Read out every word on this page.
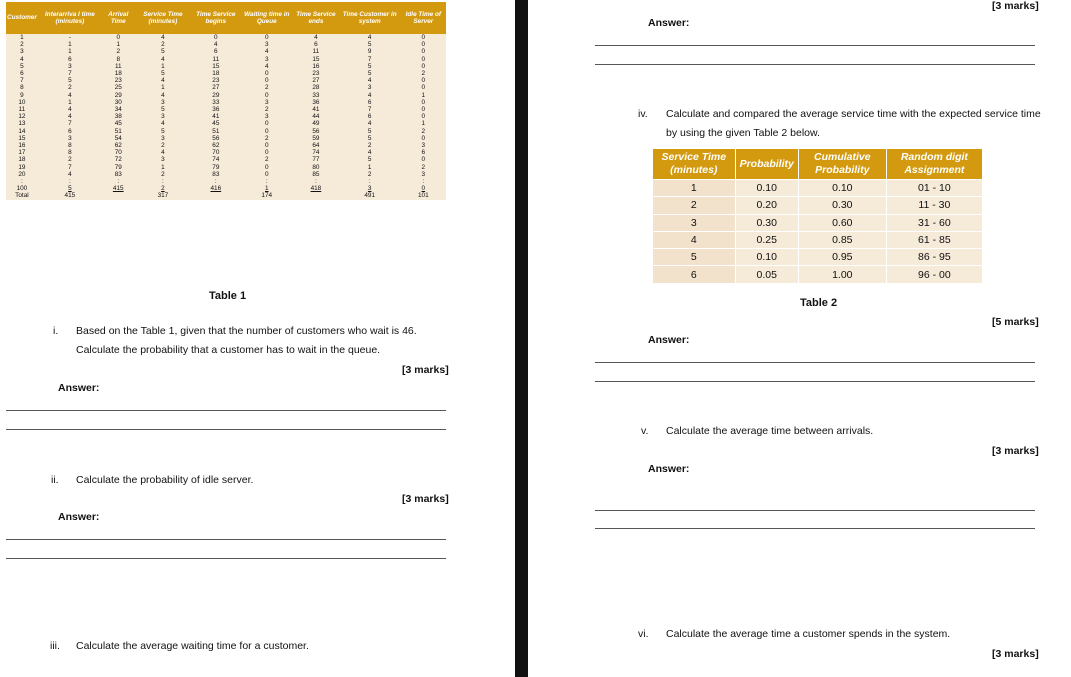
Customer	Interarriva l time (minutes)	Arrival Time	Service Time (minutes)	Time Service begins	Waiting time in Queue	Time Service ends	Time Customer in system	Idle Time of Server
1	-	0	4	0	0	4	4	0
2	1	1	2	4	3	6	5	0
3	1	2	5	6	4	11	9	0
4	6	8	4	11	3	15	7	0
5	3	11	1	15	4	16	5	0
6	7	18	5	18	0	23	5	2
7	5	23	4	23	0	27	4	0
8	2	25	1	27	2	28	3	0
9	4	29	4	29	0	33	4	1
10	1	30	3	33	3	36	6	0
11	4	34	5	36	2	41	7	0
12	4	38	3	41	3	44	6	0
13	7	45	4	45	0	49	4	1
14	6	51	5	51	0	56	5	2
15	3	54	3	56	2	59	5	0
16	8	62	2	62	0	64	2	3
17	8	70	4	70	0	74	4	6
18	2	72	3	74	2	77	5	0
19	7	79	1	79	0	80	1	2
20	4	83	2	83	0	85	2	3
:	:	:	:	:	:	:	:	:
100	5	415	2	416	1	418	3	0
Total	415		317		174		491	101
Table 1
i. Based on the Table 1, given that the number of customers who wait is 46.
Calculate the probability that a customer has to wait in the queue.
[3 marks]
Answer:
ii. Calculate the probability of idle server.
[3 marks]
Answer:
iii. Calculate the average waiting time for a customer.
[3 marks]
Answer:
iv. Calculate and compared the average service time with the expected service time
by using the given Table 2 below.
Service Time (minutes)	Probability	Cumulative Probability	Random digit Assignment
1	0.10	0.10	01 - 10
2	0.20	0.30	11 - 30
3	0.30	0.60	31 - 60
4	0.25	0.85	61 - 85
5	0.10	0.95	86 - 95
6	0.05	1.00	96 - 00
Table 2
[5 marks]
Answer:
v. Calculate the average time between arrivals.
[3 marks]
Answer:
vi. Calculate the average time a customer spends in the system.
[3 marks]
